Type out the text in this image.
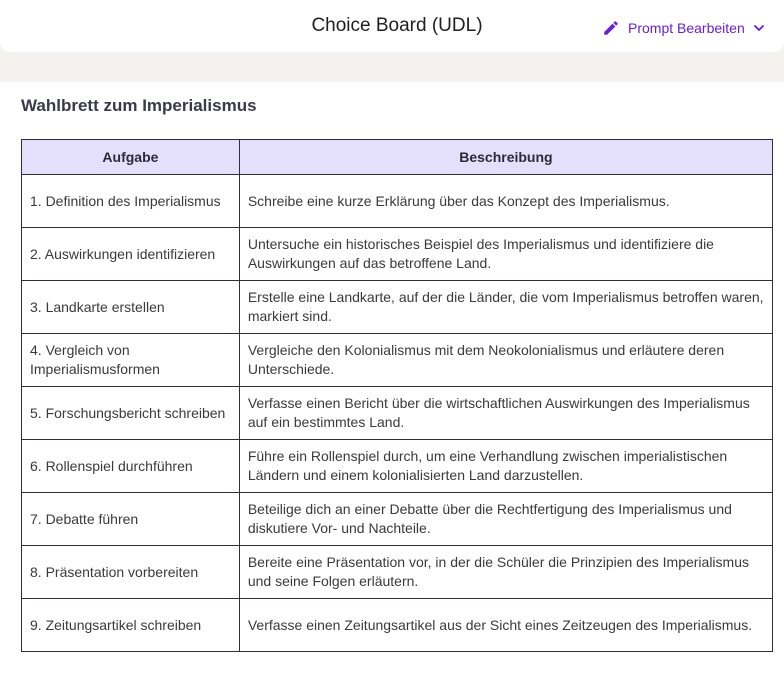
Choice Board (UDL)	Prompt Bearbeiten
Wahlbrett zum Imperialismus
Aufgabe	Beschreibung
1. Definition des Imperialismus	Schreibe eine kurze Erklärung über das Konzept des Imperialismus.
2. Auswirkungen identifizieren	Untersuche ein historisches Beispiel des Imperialismus und identifiziere die Auswirkungen auf das betroffene Land.
3. Landkarte erstellen	Erstelle eine Landkarte, auf der die Länder, die vom Imperialismus betroffen waren, markiert sind.
4. Vergleich von Imperialismusformen	Vergleiche den Kolonialismus mit dem Neokolonialismus und erläutere deren Unterschiede.
5. Forschungsbericht schreiben	Verfasse einen Bericht über die wirtschaftlichen Auswirkungen des Imperialismus auf ein bestimmtes Land.
6. Rollenspiel durchführen	Führe ein Rollenspiel durch, um eine Verhandlung zwischen imperialistischen Ländern und einem kolonialisierten Land darzustellen.
7. Debatte führen	Beteilige dich an einer Debatte über die Rechtfertigung des Imperialismus und diskutiere Vor- und Nachteile.
8. Präsentation vorbereiten	Bereite eine Präsentation vor, in der die Schüler die Prinzipien des Imperialismus und seine Folgen erläutern.
9. Zeitungsartikel schreiben	Verfasse einen Zeitungsartikel aus der Sicht eines Zeitzeugen des Imperialismus.
